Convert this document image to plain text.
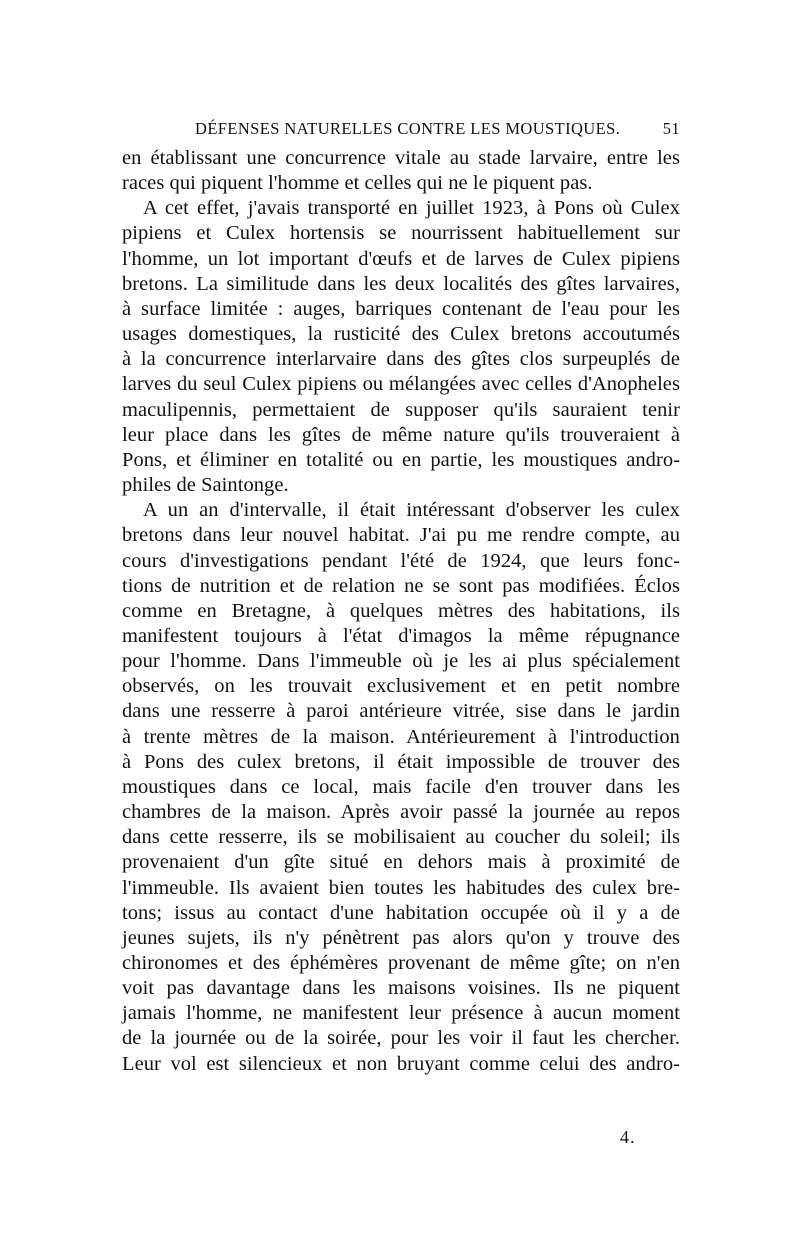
DÉFENSES NATURELLES CONTRE LES MOUSTIQUES.	51

en établissant une concurrence vitale au stade larvaire, entre les
races qui piquent l'homme et celles qui ne le piquent pas.

A cet effet, j'avais transporté en juillet 1923, à Pons où Culex
pipiens et Culex hortensis se nourrissent habituellement sur
l'homme, un lot important d'œufs et de larves de Culex pipiens
bretons. La similitude dans les deux localités des gîtes larvaires,
à surface limitée : auges, barriques contenant de l'eau pour les
usages domestiques, la rusticité des Culex bretons accoutumés
à la concurrence interlarvaire dans des gîtes clos surpeuplés de
larves du seul Culex pipiens ou mélangées avec celles d'Anopheles
maculipennis, permettaient de supposer qu'ils sauraient tenir
leur place dans les gîtes de même nature qu'ils trouveraient à
Pons, et éliminer en totalité ou en partie, les moustiques andro-
philes de Saintonge.

A un an d'intervalle, il était intéressant d'observer les culex
bretons dans leur nouvel habitat. J'ai pu me rendre compte, au
cours d'investigations pendant l'été de 1924, que leurs fonc-
tions de nutrition et de relation ne se sont pas modifiées. Éclos
comme en Bretagne, à quelques mètres des habitations, ils
manifestent toujours à l'état d'imagos la même répugnance
pour l'homme. Dans l'immeuble où je les ai plus spécialement
observés, on les trouvait exclusivement et en petit nombre
dans une resserre à paroi antérieure vitrée, sise dans le jardin
à trente mètres de la maison. Antérieurement à l'introduction
à Pons des culex bretons, il était impossible de trouver des
moustiques dans ce local, mais facile d'en trouver dans les
chambres de la maison. Après avoir passé la journée au repos
dans cette resserre, ils se mobilisaient au coucher du soleil; ils
provenaient d'un gîte situé en dehors mais à proximité de
l'immeuble. Ils avaient bien toutes les habitudes des culex bre-
tons; issus au contact d'une habitation occupée où il y a de
jeunes sujets, ils n'y pénètrent pas alors qu'on y trouve des
chironomes et des éphémères provenant de même gîte; on n'en
voit pas davantage dans les maisons voisines. Ils ne piquent
jamais l'homme, ne manifestent leur présence à aucun moment
de la journée ou de la soirée, pour les voir il faut les chercher.
Leur vol est silencieux et non bruyant comme celui des andro-

4.
